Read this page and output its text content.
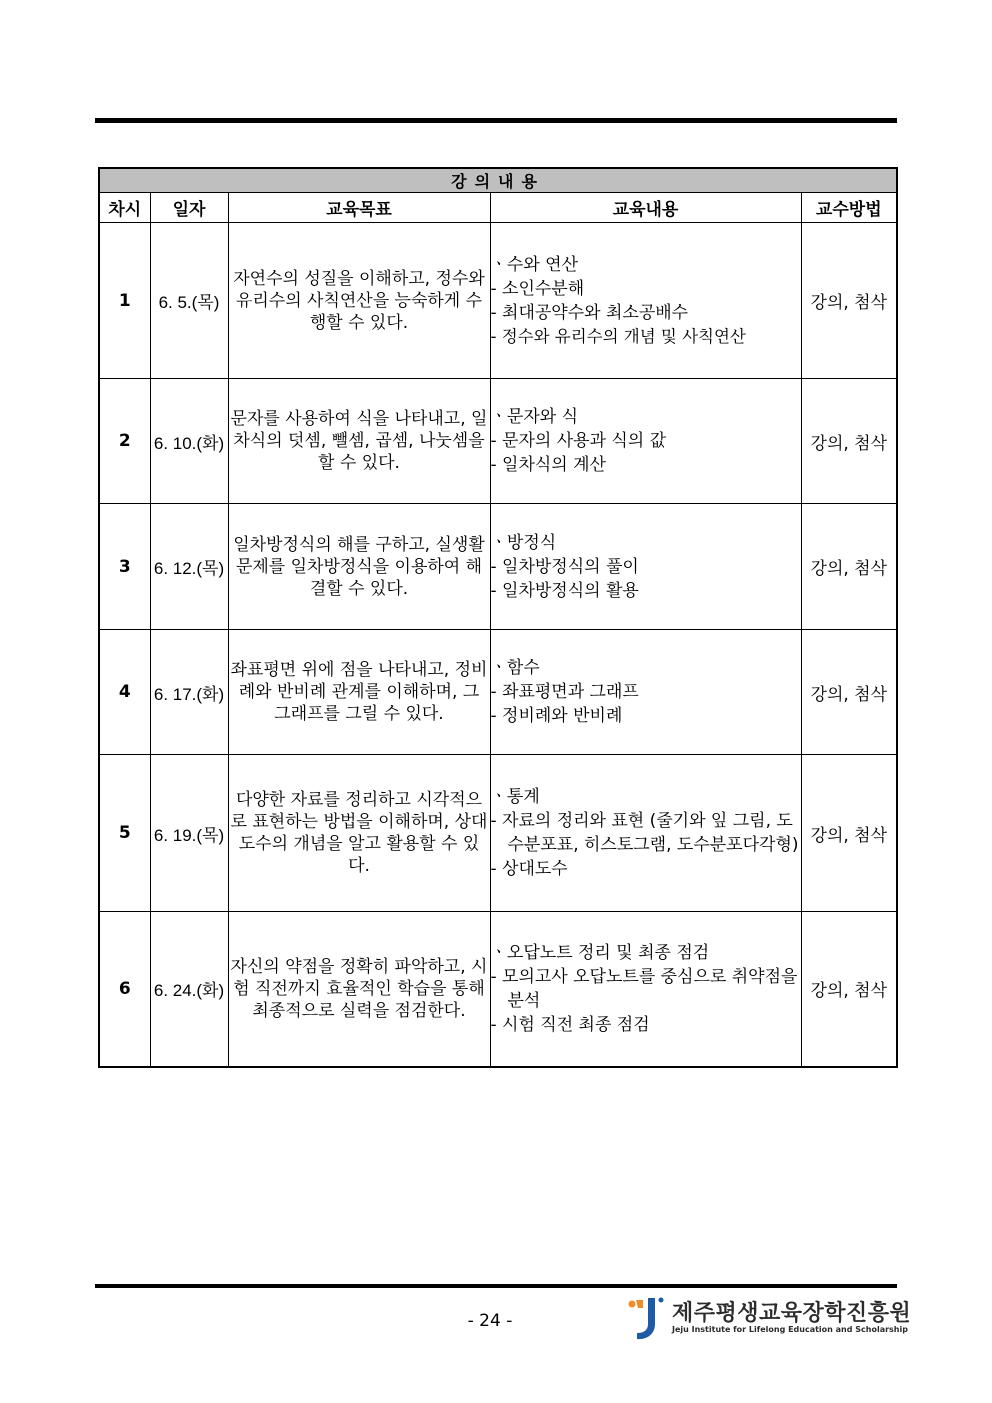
강의내용				
차시	일자	교육목표	교육내용	교수방법
1	6. 5.(목)	자연수의 성질을 이해하고, 정수와 유리수의 사칙연산을 능숙하게 수행할 수 있다.	ㆍ수와 연산
- 소인수분해
- 최대공약수와 최소공배수
- 정수와 유리수의 개념 및 사칙연산	강의, 첨삭
2	6. 10.(화)	문자를 사용하여 식을 나타내고, 일차식의 덧셈, 뺄셈, 곱셈, 나눗셈을 할 수 있다.	ㆍ문자와 식
- 문자의 사용과 식의 값
- 일차식의 계산	강의, 첨삭
3	6. 12.(목)	일차방정식의 해를 구하고, 실생활 문제를 일차방정식을 이용하여 해결할 수 있다.	ㆍ방정식
- 일차방정식의 풀이
- 일차방정식의 활용	강의, 첨삭
4	6. 17.(화)	좌표평면 위에 점을 나타내고, 정비례와 반비례 관계를 이해하며, 그 그래프를 그릴 수 있다.	ㆍ함수
- 좌표평면과 그래프
- 정비례와 반비례	강의, 첨삭
5	6. 19.(목)	다양한 자료를 정리하고 시각적으로 표현하는 방법을 이해하며, 상대도수의 개념을 알고 활용할 수 있다.	ㆍ통계
- 자료의 정리와 표현 (줄기와 잎 그림, 도수분포표, 히스토그램, 도수분포다각형)
- 상대도수	강의, 첨삭
6	6. 24.(화)	자신의 약점을 정확히 파악하고, 시험 직전까지 효율적인 학습을 통해 최종적으로 실력을 점검한다.	ㆍ오답노트 정리 및 최종 점검
- 모의고사 오답노트를 중심으로 취약점을 분석
- 시험 직전 최종 점검	강의, 첨삭
- 24 -	제주평생교육장학진흥원
Jeju Institute for Lifelong Education and Scholarship
